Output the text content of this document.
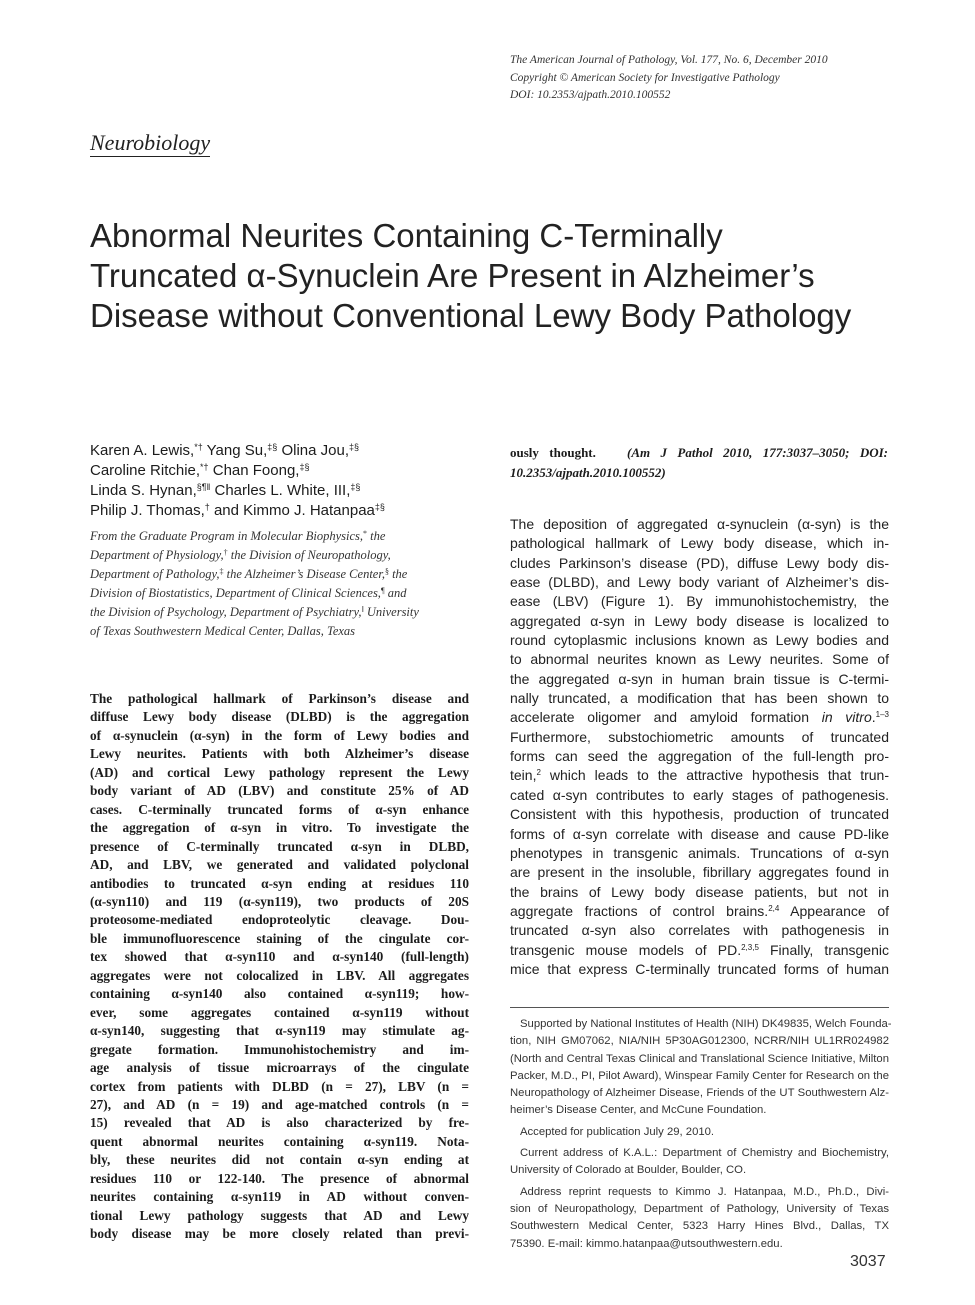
The American Journal of Pathology, Vol. 177, No. 6, December 2010
Copyright © American Society for Investigative Pathology
DOI: 10.2353/ajpath.2010.100552
Neurobiology
Abnormal Neurites Containing C-Terminally
Truncated α-Synuclein Are Present in Alzheimer’s
Disease without Conventional Lewy Body Pathology
Karen A. Lewis,*† Yang Su,‡§ Olina Jou,‡§
Caroline Ritchie,*† Chan Foong,‡§
Linda S. Hynan,§¶‖ Charles L. White, III,‡§
Philip J. Thomas,† and Kimmo J. Hatanpaa‡§
From the Graduate Program in Molecular Biophysics,* the
Department of Physiology,† the Division of Neuropathology,
Department of Pathology,‡ the Alzheimer’s Disease Center,§ the
Division of Biostatistics, Department of Clinical Sciences,¶ and
the Division of Psychology, Department of Psychiatry,‖ University
of Texas Southwestern Medical Center, Dallas, Texas
The pathological hallmark of Parkinson’s disease and
diffuse Lewy body disease (DLBD) is the aggregation
of α-synuclein (α-syn) in the form of Lewy bodies and
Lewy neurites. Patients with both Alzheimer’s disease
(AD) and cortical Lewy pathology represent the Lewy
body variant of AD (LBV) and constitute 25% of AD
cases. C-terminally truncated forms of α-syn enhance
the aggregation of α-syn in vitro. To investigate the
presence of C-terminally truncated α-syn in DLBD,
AD, and LBV, we generated and validated polyclonal
antibodies to truncated α-syn ending at residues 110
(α-syn110) and 119 (α-syn119), two products of 20S
proteosome-mediated endoproteolytic cleavage. Dou-
ble immunofluorescence staining of the cingulate cor-
tex showed that α-syn110 and α-syn140 (full-length)
aggregates were not colocalized in LBV. All aggregates
containing α-syn140 also contained α-syn119; how-
ever, some aggregates contained α-syn119 without
α-syn140, suggesting that α-syn119 may stimulate ag-
gregate formation. Immunohistochemistry and im-
age analysis of tissue microarrays of the cingulate
cortex from patients with DLBD (n = 27), LBV (n =
27), and AD (n = 19) and age-matched controls (n =
15) revealed that AD is also characterized by fre-
quent abnormal neurites containing α-syn119. Nota-
bly, these neurites did not contain α-syn ending at
residues 110 or 122-140. The presence of abnormal
neurites containing α-syn119 in AD without conven-
tional Lewy pathology suggests that AD and Lewy
body disease may be more closely related than previ-
ously thought. (Am J Pathol 2010, 177:3037–3050; DOI:
10.2353/ajpath.2010.100552)
The deposition of aggregated α-synuclein (α-syn) is the
pathological hallmark of Lewy body disease, which in-
cludes Parkinson’s disease (PD), diffuse Lewy body dis-
ease (DLBD), and Lewy body variant of Alzheimer’s dis-
ease (LBV) (Figure 1). By immunohistochemistry, the
aggregated α-syn in Lewy body disease is localized to
round cytoplasmic inclusions known as Lewy bodies and
to abnormal neurites known as Lewy neurites. Some of
the aggregated α-syn in human brain tissue is C-termi-
nally truncated, a modification that has been shown to
accelerate oligomer and amyloid formation in vitro.$^{1-3}$
Furthermore, substochiometric amounts of truncated
forms can seed the aggregation of the full-length pro-
tein,$^2$ which leads to the attractive hypothesis that trun-
cated α-syn contributes to early stages of pathogenesis.
Consistent with this hypothesis, production of truncated
forms of α-syn correlate with disease and cause PD-like
phenotypes in transgenic animals. Truncations of α-syn
are present in the insoluble, fibrillary aggregates found in
the brains of Lewy body disease patients, but not in
aggregate fractions of control brains.$^{2,4}$ Appearance of
truncated α-syn also correlates with pathogenesis in
transgenic mouse models of PD.$^{2,3,5}$ Finally, transgenic
mice that express C-terminally truncated forms of human
Supported by National Institutes of Health (NIH) DK49835, Welch Founda-
tion, NIH GM07062, NIA/NIH 5P30AG012300, NCRR/NIH UL1RR024982
(North and Central Texas Clinical and Translational Science Initiative, Milton
Packer, M.D., PI, Pilot Award), Winspear Family Center for Research on the
Neuropathology of Alzheimer Disease, Friends of the UT Southwestern Alz-
heimer’s Disease Center, and McCune Foundation.
Accepted for publication July 29, 2010.
Current address of K.A.L.: Department of Chemistry and Biochemistry,
University of Colorado at Boulder, Boulder, CO.
Address reprint requests to Kimmo J. Hatanpaa, M.D., Ph.D., Divi-
sion of Neuropathology, Department of Pathology, University of Texas
Southwestern Medical Center, 5323 Harry Hines Blvd., Dallas, TX
75390. E-mail: kimmo.hatanpaa@utsouthwestern.edu.
3037
